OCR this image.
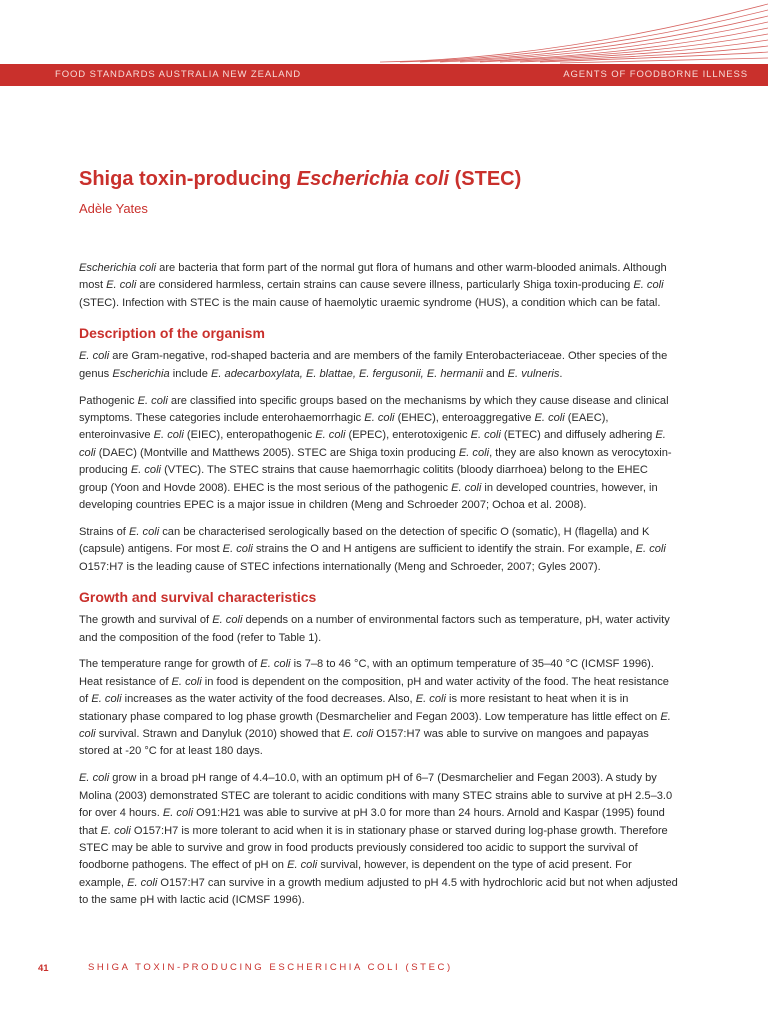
FOOD STANDARDS AUSTRALIA NEW ZEALAND	AGENTS OF FOODBORNE ILLNESS
Shiga toxin-producing Escherichia coli (STEC)
Adèle Yates

Escherichia coli are bacteria that form part of the normal gut flora of humans and other warm-blooded animals. Although most E. coli are considered harmless, certain strains can cause severe illness, particularly Shiga toxin-producing E. coli (STEC). Infection with STEC is the main cause of haemolytic uraemic syndrome (HUS), a condition which can be fatal.

Description of the organism

E. coli are Gram-negative, rod-shaped bacteria and are members of the family Enterobacteriaceae. Other species of the genus Escherichia include E. adecarboxylata, E. blattae, E. fergusonii, E. hermanii and E. vulneris.

Pathogenic E. coli are classified into specific groups based on the mechanisms by which they cause disease and clinical symptoms. These categories include enterohaemorrhagic E. coli (EHEC), enteroaggregative E. coli (EAEC), enteroinvasive E. coli (EIEC), enteropathogenic E. coli (EPEC), enterotoxigenic E. coli (ETEC) and diffusely adhering E. coli (DAEC) (Montville and Matthews 2005). STEC are Shiga toxin producing E. coli, they are also known as verocytoxin-producing E. coli (VTEC). The STEC strains that cause haemorrhagic colitits (bloody diarrhoea) belong to the EHEC group (Yoon and Hovde 2008). EHEC is the most serious of the pathogenic E. coli in developed countries, however, in developing countries EPEC is a major issue in children (Meng and Schroeder 2007; Ochoa et al. 2008).

Strains of E. coli can be characterised serologically based on the detection of specific O (somatic), H (flagella) and K (capsule) antigens. For most E. coli strains the O and H antigens are sufficient to identify the strain. For example, E. coli O157:H7 is the leading cause of STEC infections internationally (Meng and Schroeder, 2007; Gyles 2007).

Growth and survival characteristics

The growth and survival of E. coli depends on a number of environmental factors such as temperature, pH, water activity and the composition of the food (refer to Table 1).

The temperature range for growth of E. coli is 7–8 to 46 °C, with an optimum temperature of 35–40 °C (ICMSF 1996). Heat resistance of E. coli in food is dependent on the composition, pH and water activity of the food. The heat resistance of E. coli increases as the water activity of the food decreases. Also, E. coli is more resistant to heat when it is in stationary phase compared to log phase growth (Desmarchelier and Fegan 2003). Low temperature has little effect on E. coli survival. Strawn and Danyluk (2010) showed that E. coli O157:H7 was able to survive on mangoes and papayas stored at -20 °C for at least 180 days.

E. coli grow in a broad pH range of 4.4–10.0, with an optimum pH of 6–7 (Desmarchelier and Fegan 2003). A study by Molina (2003) demonstrated STEC are tolerant to acidic conditions with many STEC strains able to survive at pH 2.5–3.0 for over 4 hours. E. coli O91:H21 was able to survive at pH 3.0 for more than 24 hours. Arnold and Kaspar (1995) found that E. coli O157:H7 is more tolerant to acid when it is in stationary phase or starved during log-phase growth. Therefore STEC may be able to survive and grow in food products previously considered too acidic to support the survival of foodborne pathogens. The effect of pH on E. coli survival, however, is dependent on the type of acid present. For example, E. coli O157:H7 can survive in a growth medium adjusted to pH 4.5 with hydrochloric acid but not when adjusted to the same pH with lactic acid (ICMSF 1996).

41	SHIGA TOXIN-PRODUCING ESCHERICHIA COLI (STEC)
